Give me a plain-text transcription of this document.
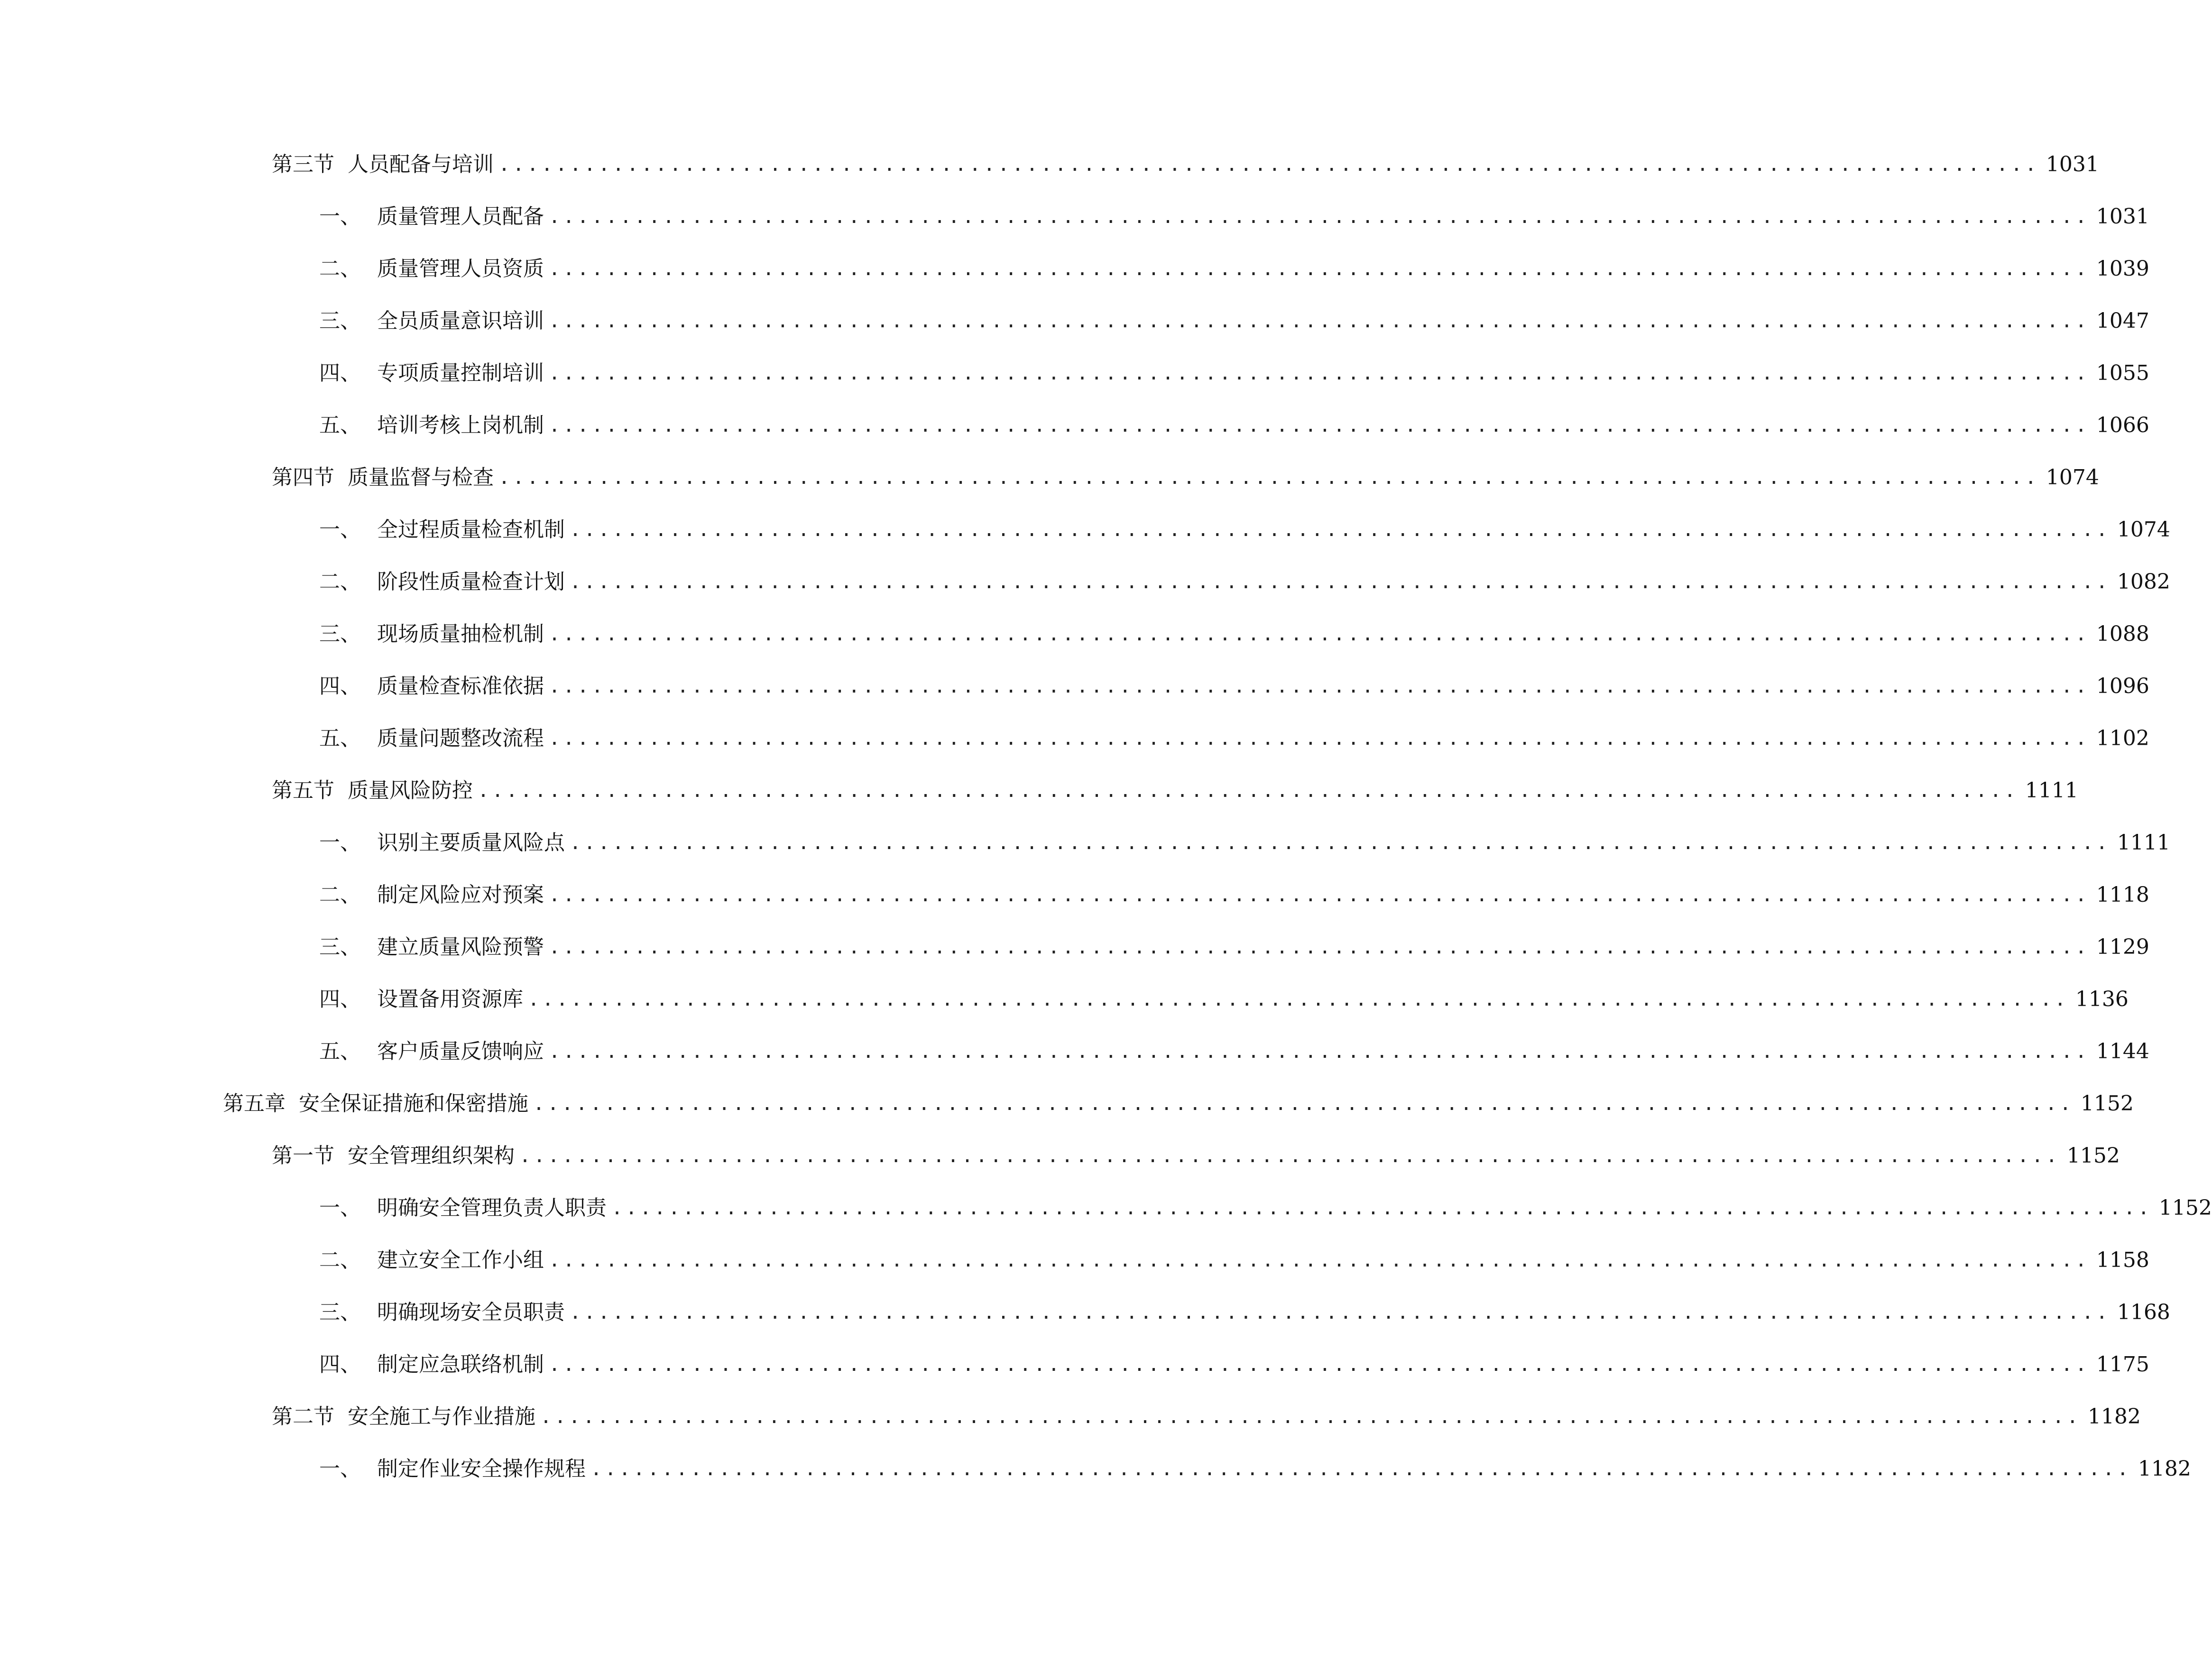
第三节 人员配备与培训 ............................................................................................................ 1031
一、 质量管理人员配备 ............................................................................................................ 1031
二、 质量管理人员资质 ............................................................................................................ 1039
三、 全员质量意识培训 ............................................................................................................ 1047
四、 专项质量控制培训 ............................................................................................................ 1055
五、 培训考核上岗机制 ............................................................................................................ 1066
第四节 质量监督与检查 ............................................................................................................ 1074
一、 全过程质量检查机制 ............................................................................................................ 1074
二、 阶段性质量检查计划 ............................................................................................................ 1082
三、 现场质量抽检机制 ............................................................................................................ 1088
四、 质量检查标准依据 ............................................................................................................ 1096
五、 质量问题整改流程 ............................................................................................................ 1102
第五节 质量风险防控 ............................................................................................................ 1111
一、 识别主要质量风险点 ............................................................................................................ 1111
二、 制定风险应对预案 ............................................................................................................ 1118
三、 建立质量风险预警 ............................................................................................................ 1129
四、 设置备用资源库 ............................................................................................................ 1136
五、 客户质量反馈响应 ............................................................................................................ 1144
第五章 安全保证措施和保密措施 ............................................................................................................ 1152
第一节 安全管理组织架构 ............................................................................................................ 1152
一、 明确安全管理负责人职责 ............................................................................................................ 1152
二、 建立安全工作小组 ............................................................................................................ 1158
三、 明确现场安全员职责 ............................................................................................................ 1168
四、 制定应急联络机制 ............................................................................................................ 1175
第二节 安全施工与作业措施 ............................................................................................................ 1182
一、 制定作业安全操作规程 ............................................................................................................ 1182
